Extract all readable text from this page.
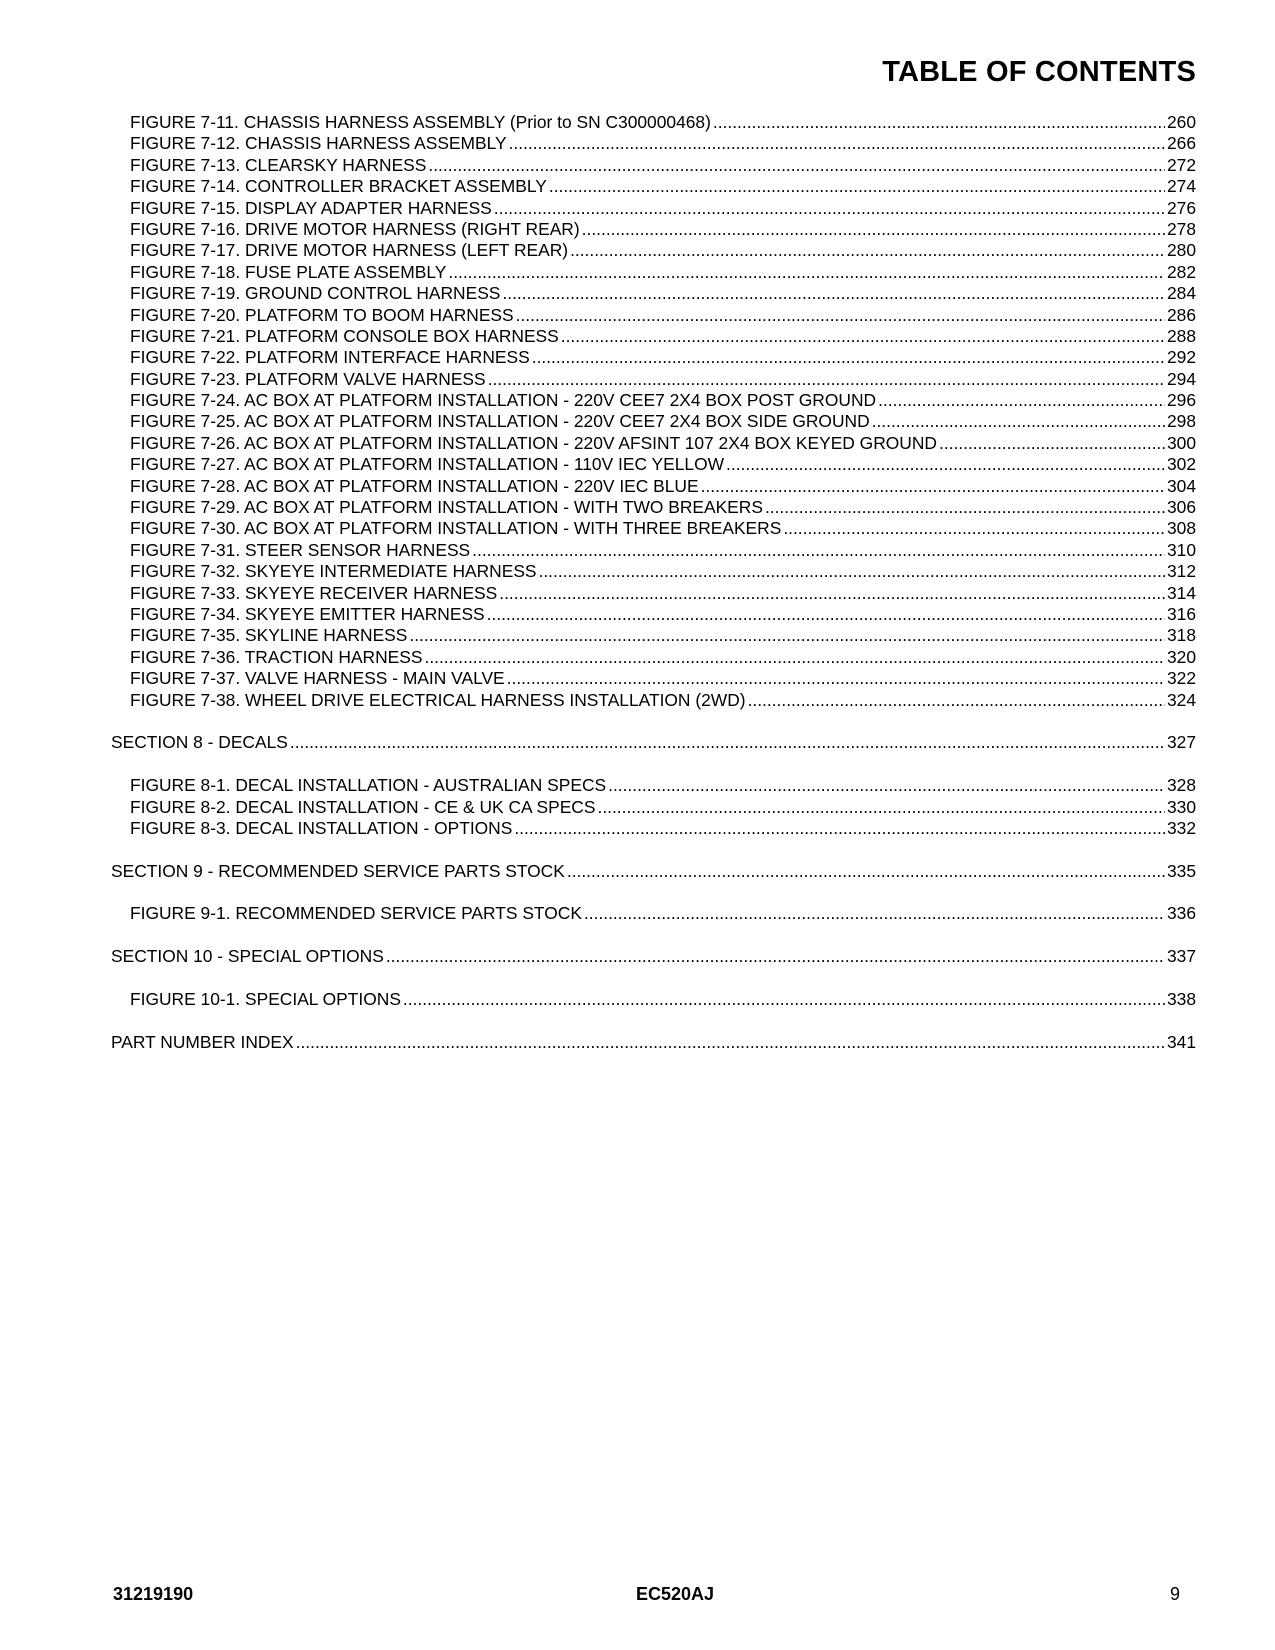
TABLE OF CONTENTS
FIGURE 7-11. CHASSIS HARNESS ASSEMBLY (Prior to SN C300000468) .....	260
FIGURE 7-12. CHASSIS HARNESS ASSEMBLY .....	266
FIGURE 7-13. CLEARSKY HARNESS .....	272
FIGURE 7-14. CONTROLLER BRACKET ASSEMBLY .....	274
FIGURE 7-15. DISPLAY ADAPTER HARNESS .....	276
FIGURE 7-16. DRIVE MOTOR HARNESS (RIGHT REAR) .....	278
FIGURE 7-17. DRIVE MOTOR HARNESS (LEFT REAR) .....	280
FIGURE 7-18. FUSE PLATE ASSEMBLY .....	282
FIGURE 7-19. GROUND CONTROL HARNESS .....	284
FIGURE 7-20. PLATFORM TO BOOM HARNESS .....	286
FIGURE 7-21. PLATFORM CONSOLE BOX HARNESS .....	288
FIGURE 7-22. PLATFORM INTERFACE HARNESS .....	292
FIGURE 7-23. PLATFORM VALVE HARNESS .....	294
FIGURE 7-24. AC BOX AT PLATFORM INSTALLATION - 220V CEE7 2X4 BOX POST GROUND .....	296
FIGURE 7-25. AC BOX AT PLATFORM INSTALLATION - 220V CEE7 2X4 BOX SIDE GROUND .....	298
FIGURE 7-26. AC BOX AT PLATFORM INSTALLATION - 220V AFSINT 107 2X4 BOX KEYED GROUND .....	300
FIGURE 7-27. AC BOX AT PLATFORM INSTALLATION - 110V IEC YELLOW .....	302
FIGURE 7-28. AC BOX AT PLATFORM INSTALLATION - 220V IEC BLUE .....	304
FIGURE 7-29. AC BOX AT PLATFORM INSTALLATION - WITH TWO BREAKERS .....	306
FIGURE 7-30. AC BOX AT PLATFORM INSTALLATION - WITH THREE BREAKERS .....	308
FIGURE 7-31. STEER SENSOR HARNESS .....	310
FIGURE 7-32. SKYEYE INTERMEDIATE HARNESS .....	312
FIGURE 7-33. SKYEYE RECEIVER HARNESS .....	314
FIGURE 7-34. SKYEYE EMITTER HARNESS .....	316
FIGURE 7-35. SKYLINE HARNESS .....	318
FIGURE 7-36. TRACTION HARNESS .....	320
FIGURE 7-37. VALVE HARNESS - MAIN VALVE .....	322
FIGURE 7-38. WHEEL DRIVE ELECTRICAL HARNESS INSTALLATION (2WD) .....	324
SECTION 8 - DECALS .....	327
FIGURE 8-1. DECAL INSTALLATION - AUSTRALIAN SPECS .....	328
FIGURE 8-2. DECAL INSTALLATION - CE & UK CA SPECS .....	330
FIGURE 8-3. DECAL INSTALLATION - OPTIONS .....	332
SECTION 9 - RECOMMENDED SERVICE PARTS STOCK .....	335
FIGURE 9-1. RECOMMENDED SERVICE PARTS STOCK .....	336
SECTION 10 - SPECIAL OPTIONS .....	337
FIGURE 10-1. SPECIAL OPTIONS .....	338
PART NUMBER INDEX .....	341
31219190	EC520AJ	9
